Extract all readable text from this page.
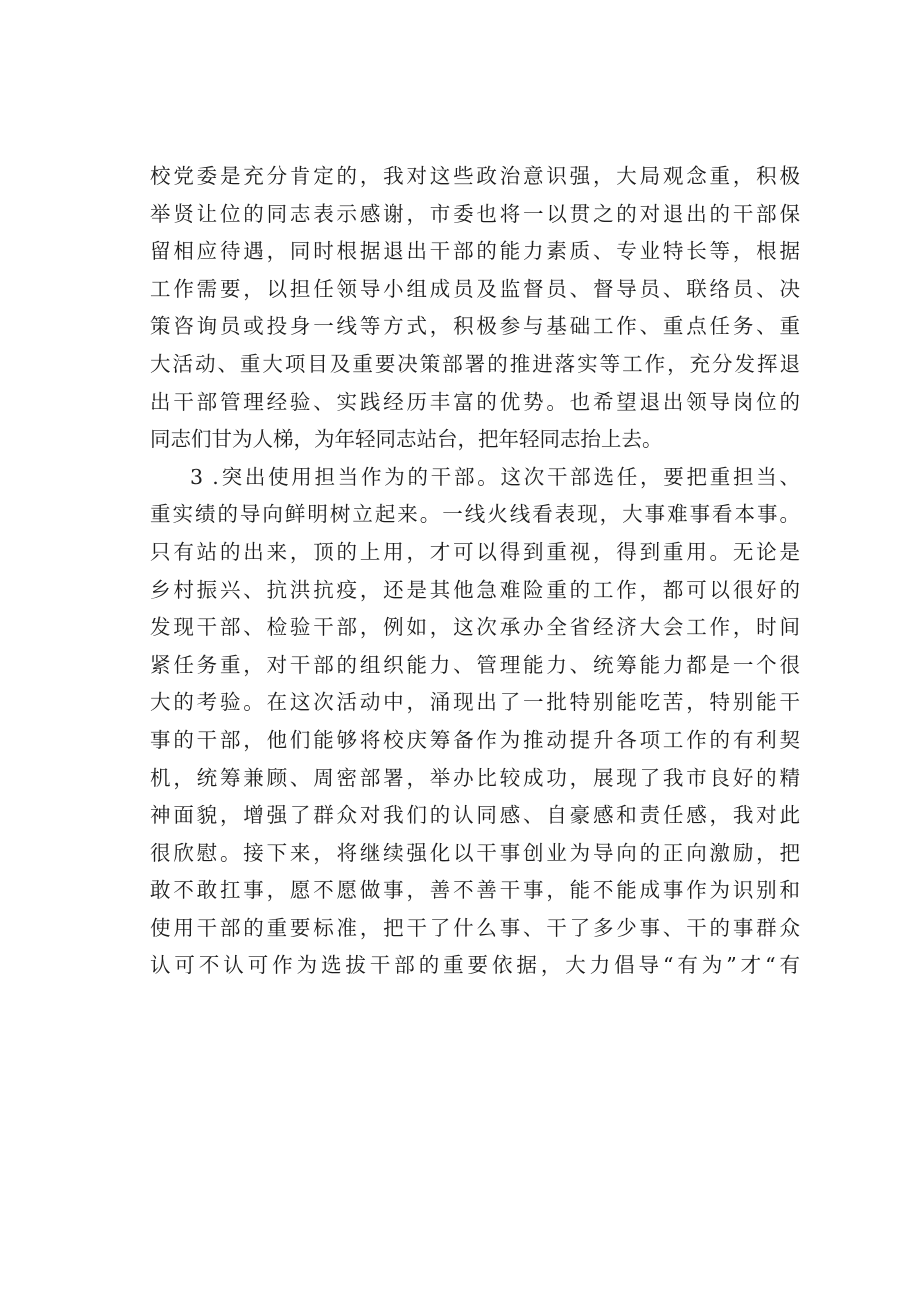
校党委是充分肯定的，我对这些政治意识强，大局观念重，积极
举贤让位的同志表示感谢，市委也将一以贯之的对退出的干部保
留相应待遇，同时根据退出干部的能力素质、专业特长等，根据
工作需要，以担任领导小组成员及监督员、督导员、联络员、决
策咨询员或投身一线等方式，积极参与基础工作、重点任务、重
大活动、重大项目及重要决策部署的推进落实等工作，充分发挥退
出干部管理经验、实践经历丰富的优势。也希望退出领导岗位的
同志们甘为人梯，为年轻同志站台，把年轻同志抬上去。
3 .突出使用担当作为的干部。这次干部选任，要把重担当、
重实绩的导向鲜明树立起来。一线火线看表现，大事难事看本事。
只有站的出来，顶的上用，才可以得到重视，得到重用。无论是
乡村振兴、抗洪抗疫，还是其他急难险重的工作，都可以很好的
发现干部、检验干部，例如，这次承办全省经济大会工作，时间
紧任务重，对干部的组织能力、管理能力、统筹能力都是一个很
大的考验。在这次活动中，涌现出了一批特别能吃苦，特别能干
事的干部，他们能够将校庆筹备作为推动提升各项工作的有利契
机，统筹兼顾、周密部署，举办比较成功，展现了我市良好的精
神面貌，增强了群众对我们的认同感、自豪感和责任感，我对此
很欣慰。接下来，将继续强化以干事创业为导向的正向激励，把
敢不敢扛事，愿不愿做事，善不善干事，能不能成事作为识别和
使用干部的重要标准，把干了什么事、干了多少事、干的事群众
认可不认可作为选拔干部的重要依据，大力倡导“有为”才“有
